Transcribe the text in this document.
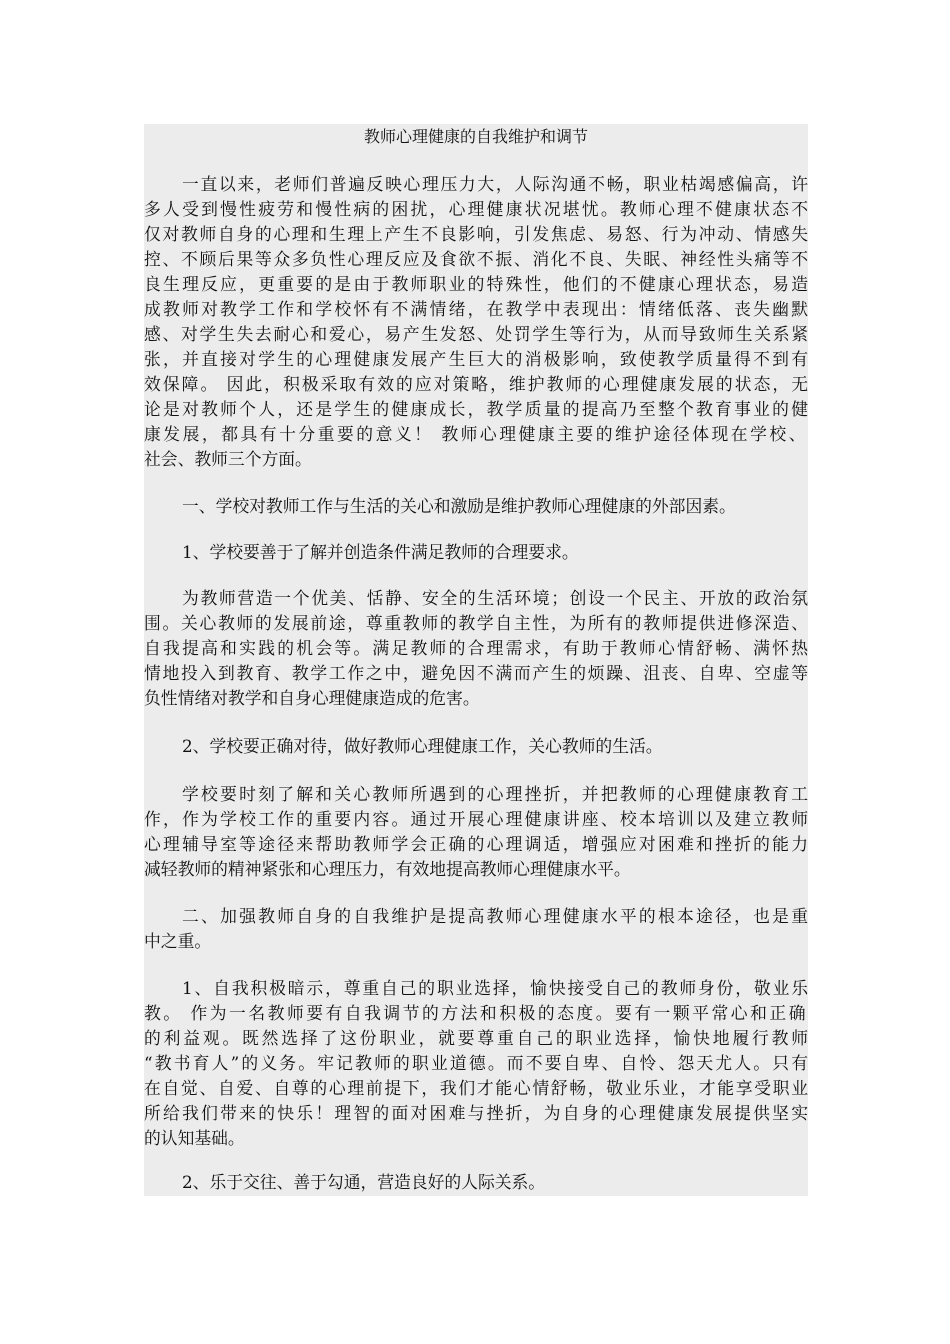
教师心理健康的自我维护和调节
一直以来，老师们普遍反映心理压力大，人际沟通不畅，职业枯竭感偏高，许
多人受到慢性疲劳和慢性病的困扰，心理健康状况堪忧。教师心理不健康状态不
仅对教师自身的心理和生理上产生不良影响，引发焦虑、易怒、行为冲动、情感失
控、不顾后果等众多负性心理反应及食欲不振、消化不良、失眠、神经性头痛等不
良生理反应，更重要的是由于教师职业的特殊性，他们的不健康心理状态，易造
成教师对教学工作和学校怀有不满情绪，在教学中表现出：情绪低落、丧失幽默
感、对学生失去耐心和爱心，易产生发怒、处罚学生等行为，从而导致师生关系紧
张，并直接对学生的心理健康发展产生巨大的消极影响，致使教学质量得不到有
效保障。 因此，积极采取有效的应对策略，维护教师的心理健康发展的状态，无
论是对教师个人，还是学生的健康成长，教学质量的提高乃至整个教育事业的健
康发展，都具有十分重要的意义！ 教师心理健康主要的维护途径体现在学校、
社会、教师三个方面。
一、学校对教师工作与生活的关心和激励是维护教师心理健康的外部因素。
1、学校要善于了解并创造条件满足教师的合理要求。
为教师营造一个优美、恬静、安全的生活环境；创设一个民主、开放的政治氛
围。关心教师的发展前途，尊重教师的教学自主性，为所有的教师提供进修深造、
自我提高和实践的机会等。满足教师的合理需求，有助于教师心情舒畅、满怀热
情地投入到教育、教学工作之中，避免因不满而产生的烦躁、沮丧、自卑、空虚等
负性情绪对教学和自身心理健康造成的危害。
2、学校要正确对待，做好教师心理健康工作，关心教师的生活。
学校要时刻了解和关心教师所遇到的心理挫折，并把教师的心理健康教育工
作，作为学校工作的重要内容。通过开展心理健康讲座、校本培训以及建立教师
心理辅导室等途径来帮助教师学会正确的心理调适，增强应对困难和挫折的能力
减轻教师的精神紧张和心理压力，有效地提高教师心理健康水平。
二、加强教师自身的自我维护是提高教师心理健康水平的根本途径，也是重
中之重。
1、自我积极暗示，尊重自己的职业选择，愉快接受自己的教师身份，敬业乐
教。 作为一名教师要有自我调节的方法和积极的态度。要有一颗平常心和正确
的利益观。既然选择了这份职业，就要尊重自己的职业选择，愉快地履行教师
“教书育人”的义务。牢记教师的职业道德。而不要自卑、自怜、怨天尤人。只有
在自觉、自爱、自尊的心理前提下，我们才能心情舒畅，敬业乐业，才能享受职业
所给我们带来的快乐！理智的面对困难与挫折，为自身的心理健康发展提供坚实
的认知基础。
2、乐于交往、善于勾通，营造良好的人际关系。
